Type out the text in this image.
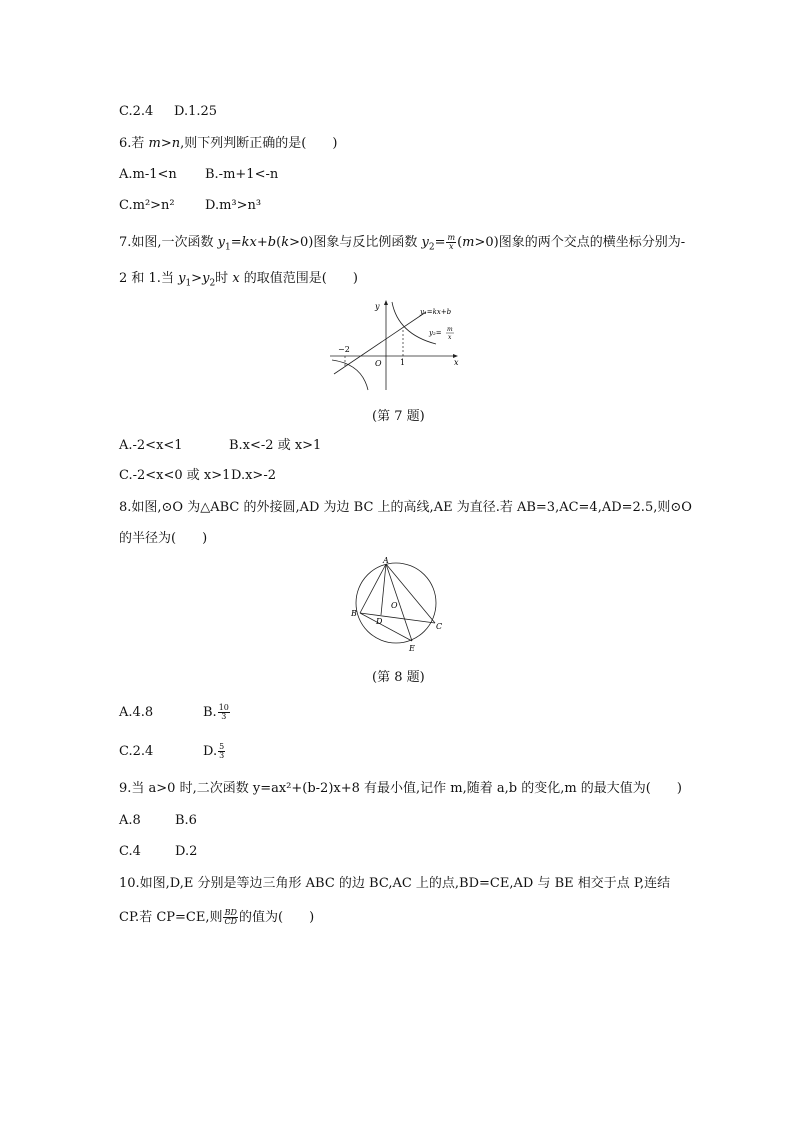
C.2.4 D.1.25
6.若 m>n,则下列判断正确的是(　　)
A.m-1<n B.-m+1<-n
C.m²>n² D.m³>n³
7.如图,一次函数 $y_1=kx+b(k>0)$图象与反比例函数 $y_2= \frac{m}{x} (m>0)$图象的两个交点的横坐标分别为-
2 和 1.当 $y_1>y_2$时 x 的取值范围是(　　)
y
x
O
−2
1
y₁=kx+b
y₂= m
x
(第 7 题)
A.-2<x<1	B.x<-2 或 x>1
C.-2<x<0 或 x>1D.x>-2
8.如图,⊙O 为△ABC 的外接圆,AD 为边 BC 上的高线,AE 为直径.若 AB=3,AC=4,AD=2.5,则⊙O
的半径为(　　)
A
B
C
D
E
O
(第 8 题)
A.4.8	B. $\frac{10}{3}$
C.2.4	D. $\frac{5}{3}$
9.当 a>0 时,二次函数 y=ax²+(b-2)x+8 有最小值,记作 m,随着 a,b 的变化,m 的最大值为(　　)
A.8	B.6
C.4	D.2
10.如图,D,E 分别是等边三角形 ABC 的边 BC,AC 上的点,BD=CE,AD 与 BE 相交于点 P,连结
CP.若 CP=CE,则 $\frac{BD}{CD}$ 的值为(　　)
